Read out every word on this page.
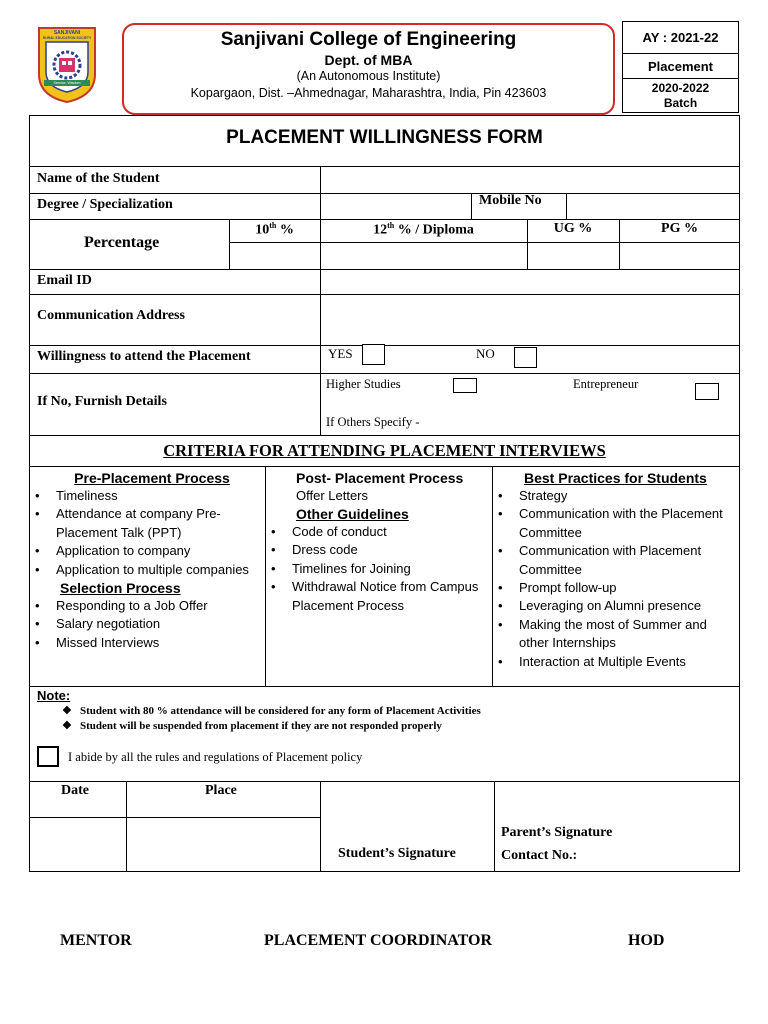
SANJIVANI
RURAL EDUCATION SOCIETY
Service, Wisdom
Sanjivani College of Engineering
Dept. of MBA
(An Autonomous Institute)
Kopargaon, Dist. –Ahmednagar, Maharashtra, India, Pin 423603
AY : 2021-22
Placement
2020-2022
Batch
PLACEMENT WILLINGNESS FORM
Name of the Student
Degree / Specialization	Mobile No
Percentage
10th %	12th % / Diploma	UG %	PG %
Email ID
Communication Address
Willingness to attend the Placement	YES	NO
If No, Furnish Details
Higher Studies	Entrepreneur
If Others Specify -
CRITERIA FOR ATTENDING PLACEMENT INTERVIEWS
Pre-Placement Process
• Timeliness
• Attendance at company Pre-Placement Talk (PPT)
• Application to company
• Application to multiple companies
Selection Process
• Responding to a Job Offer
• Salary negotiation
• Missed Interviews
Post- Placement Process
Offer Letters
Other Guidelines
• Code of conduct
• Dress code
• Timelines for Joining
• Withdrawal Notice from Campus Placement Process
Best Practices for Students
• Strategy
• Communication with the Placement Committee
• Communication with Placement Committee
• Prompt follow-up
• Leveraging on Alumni presence
• Making the most of Summer and other Internships
• Interaction at Multiple Events
Note:
❖ Student with 80 % attendance will be considered for any form of Placement Activities
❖ Student will be suspended from placement if they are not responded properly
I abide by all the rules and regulations of Placement policy
Date	Place
Student’s Signature
Parent’s Signature
Contact No.:
MENTOR	PLACEMENT COORDINATOR	HOD
